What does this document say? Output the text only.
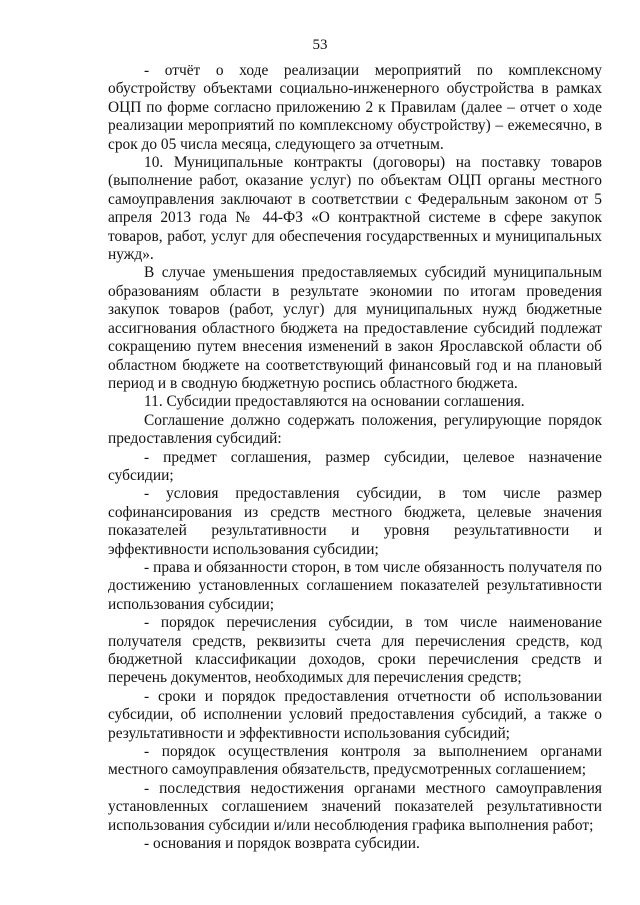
53

- отчёт о ходе реализации мероприятий по комплексному обустройству объектами социально-инженерного обустройства в рамках ОЦП по форме согласно приложению 2 к Правилам (далее – отчет о ходе реализации мероприятий по комплексному обустройству) – ежемесячно, в срок до 05 числа месяца, следующего за отчетным.

10. Муниципальные контракты (договоры) на поставку товаров (выполнение работ, оказание услуг) по объектам ОЦП органы местного самоуправления заключают в соответствии с Федеральным законом от 5 апреля 2013 года № 44-ФЗ «О контрактной системе в сфере закупок товаров, работ, услуг для обеспечения государственных и муниципальных нужд».

В случае уменьшения предоставляемых субсидий муниципальным образованиям области в результате экономии по итогам проведения закупок товаров (работ, услуг) для муниципальных нужд бюджетные ассигнования областного бюджета на предоставление субсидий подлежат сокращению путем внесения изменений в закон Ярославской области об областном бюджете на соответствующий финансовый год и на плановый период и в сводную бюджетную роспись областного бюджета.

11. Субсидии предоставляются на основании соглашения.

Соглашение должно содержать положения, регулирующие порядок предоставления субсидий:

- предмет соглашения, размер субсидии, целевое назначение субсидии;

- условия предоставления субсидии, в том числе размер софинансирования из средств местного бюджета, целевые значения показателей результативности и уровня результативности и эффективности использования субсидии;

- права и обязанности сторон, в том числе обязанность получателя по достижению установленных соглашением показателей результативности использования субсидии;

- порядок перечисления субсидии, в том числе наименование получателя средств, реквизиты счета для перечисления средств, код бюджетной классификации доходов, сроки перечисления средств и перечень документов, необходимых для перечисления средств;

- сроки и порядок предоставления отчетности об использовании субсидии, об исполнении условий предоставления субсидий, а также о результативности и эффективности использования субсидий;

- порядок осуществления контроля за выполнением органами местного самоуправления обязательств, предусмотренных соглашением;

- последствия недостижения органами местного самоуправления установленных соглашением значений показателей результативности использования субсидии и/или несоблюдения графика выполнения работ;

- основания и порядок возврата субсидии.
